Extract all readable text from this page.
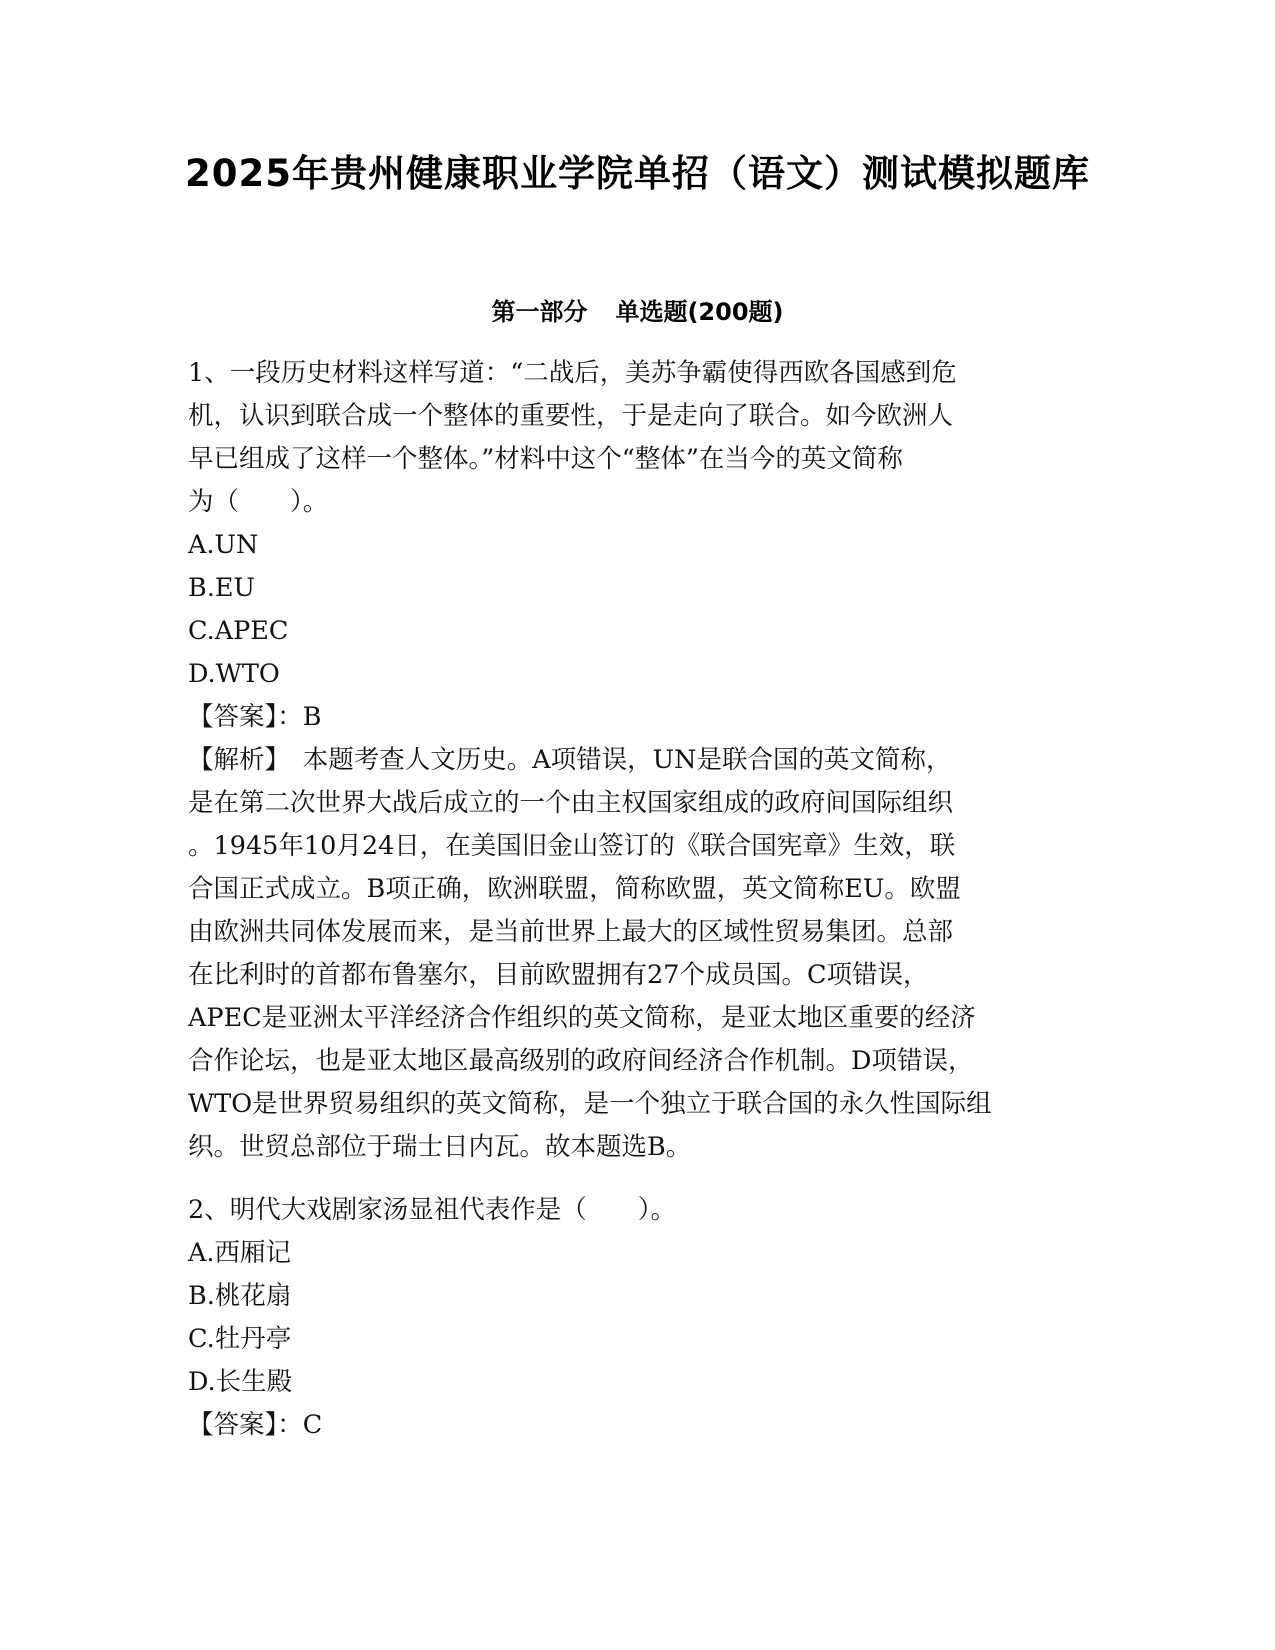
2025年贵州健康职业学院单招（语文）测试模拟题库
第一部分 单选题(200题)
1、一段历史材料这样写道：“二战后，美苏争霸使得西欧各国感到危
机，认识到联合成一个整体的重要性，于是走向了联合。如今欧洲人
早已组成了这样一个整体。”材料中这个“整体”在当今的英文简称
为（　　）。
A.UN
B.EU
C.APEC
D.WTO
【答案】：B
【解析】　本题考查人文历史。A项错误，UN是联合国的英文简称，
是在第二次世界大战后成立的一个由主权国家组成的政府间国际组织
。1945年10月24日，在美国旧金山签订的《联合国宪章》生效，联
合国正式成立。B项正确，欧洲联盟，简称欧盟，英文简称EU。欧盟
由欧洲共同体发展而来，是当前世界上最大的区域性贸易集团。总部
在比利时的首都布鲁塞尔，目前欧盟拥有27个成员国。C项错误，
APEC是亚洲太平洋经济合作组织的英文简称，是亚太地区重要的经济
合作论坛，也是亚太地区最高级别的政府间经济合作机制。D项错误，
WTO是世界贸易组织的英文简称，是一个独立于联合国的永久性国际组
织。世贸总部位于瑞士日内瓦。故本题选B。
2、明代大戏剧家汤显祖代表作是（　　）。
A.西厢记
B.桃花扇
C.牡丹亭
D.长生殿
【答案】：C
